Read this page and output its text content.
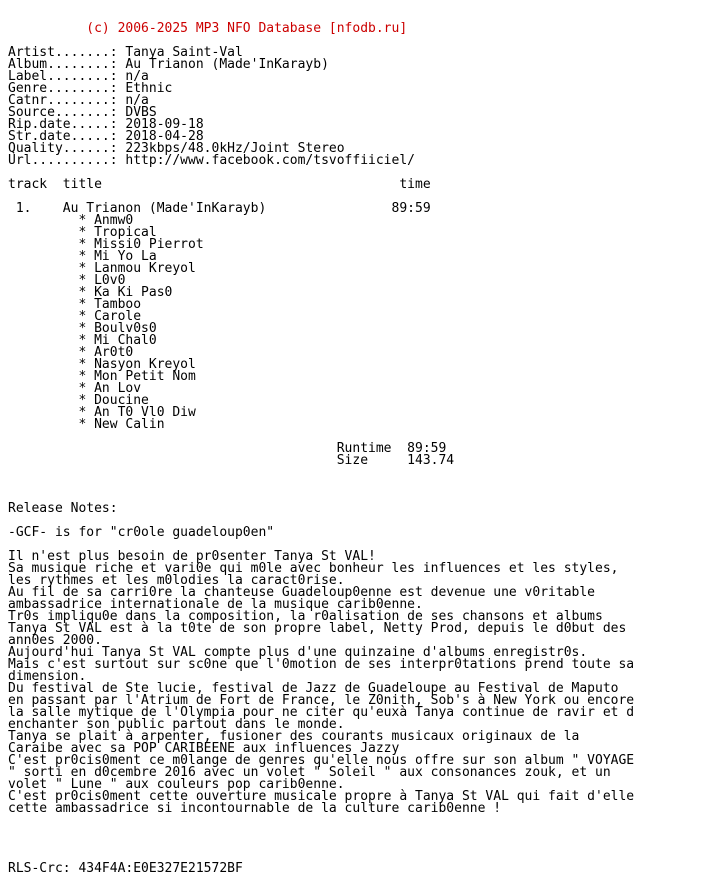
(c) 2006-2025 MP3 NFO Database [nfodb.ru]

Artist.......: Tanya Saint-Val
Album........: Au Trianon (Made'InKarayb)
Label........: n/a
Genre........: Ethnic
Catnr........: n/a
Source.......: DVBS
Rip.date.....: 2018-09-18
Str.date.....: 2018-04-28
Quality......: 223kbps/48.0kHz/Joint Stereo
Url..........: http://www.facebook.com/tsvoffiiciel/
track  title                                      time
1.    Au Trianon (Made'InKarayb)                89:59
* Anmw0
* Tropical
* Missi0 Pierrot
* Mi Yo La
* Lanmou Kreyol
* L0v0
* Ka Ki Pas0
* Tamboo
* Carole
* Boulv0s0
* Mi Chal0
* Ar0t0
* Nasyon Kreyol
* Mon Petit Nom
* An Lov
* Doucine
* An T0 Vl0 Diw
* New Calin
Runtime  89:59
Size     143.74
Release Notes:
-GCF- is for "cr0ole guadeloup0en"
Il n'est plus besoin de pr0senter Tanya St VAL!
Sa musique riche et vari0e qui m0le avec bonheur les influences et les styles,
les rythmes et les m0lodies la caract0rise.
Au fil de sa carri0re la chanteuse Guadeloup0enne est devenue une v0ritable
ambassadrice internationale de la musique carib0enne.
Tr0s impliqu0e dans la composition, la r0alisation de ses chansons et albums
Tanya St VAL est à la t0te de son propre label, Netty Prod, depuis le d0but des
ann0es 2000.
Aujourd'hui Tanya St VAL compte plus d'une quinzaine d'albums enregistr0s.
Mais c'est surtout sur sc0ne que l'0motion de ses interpr0tations prend toute sa
dimension.
Du festival de Ste lucie, festival de Jazz de Guadeloupe au Festival de Maputo
en passant par l'Atrium de Fort de France, le Z0nith, Sob's à New York ou encore
la salle mytique de l'Olympia pour ne citer qu'euxà Tanya continue de ravir et d
enchanter son public partout dans le monde.
Tanya se plait à arpenter, fusioner des courants musicaux originaux de la
Caraibe avec sa POP CARIBEENE aux influences Jazzy
C'est pr0cis0ment ce m0lange de genres qu'elle nous offre sur son album " VOYAGE
" sorti en d0cembre 2016 avec un volet " Soleil " aux consonances zouk, et un
volet " Lune " aux couleurs pop carib0enne.
C'est pr0cis0ment cette ouverture musicale propre à Tanya St VAL qui fait d'elle
cette ambassadrice si incontournable de la culture carib0enne !
RLS-Crc: 434F4A:E0E327E21572BF
